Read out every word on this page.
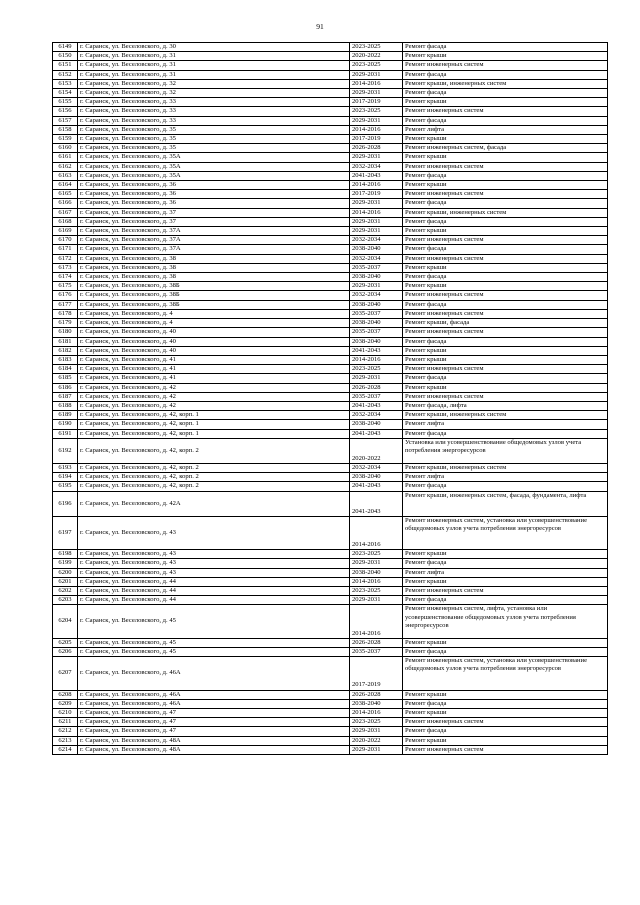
91
6149	г. Саранск, ул. Веселовского, д. 30	2023-2025	Ремонт фасада
6150	г. Саранск, ул. Веселовского, д. 31	2020-2022	Ремонт крыши
6151	г. Саранск, ул. Веселовского, д. 31	2023-2025	Ремонт инженерных систем
6152	г. Саранск, ул. Веселовского, д. 31	2029-2031	Ремонт фасада
6153	г. Саранск, ул. Веселовского, д. 32	2014-2016	Ремонт крыши, инженерных систем
6154	г. Саранск, ул. Веселовского, д. 32	2029-2031	Ремонт фасада
6155	г. Саранск, ул. Веселовского, д. 33	2017-2019	Ремонт крыши
6156	г. Саранск, ул. Веселовского, д. 33	2023-2025	Ремонт инженерных систем
6157	г. Саранск, ул. Веселовского, д. 33	2029-2031	Ремонт фасада
6158	г. Саранск, ул. Веселовского, д. 35	2014-2016	Ремонт лифта
6159	г. Саранск, ул. Веселовского, д. 35	2017-2019	Ремонт крыши
6160	г. Саранск, ул. Веселовского, д. 35	2026-2028	Ремонт инженерных систем, фасада
6161	г. Саранск, ул. Веселовского, д. 35А	2029-2031	Ремонт крыши
6162	г. Саранск, ул. Веселовского, д. 35А	2032-2034	Ремонт инженерных систем
6163	г. Саранск, ул. Веселовского, д. 35А	2041-2043	Ремонт фасада
6164	г. Саранск, ул. Веселовского, д. 36	2014-2016	Ремонт крыши
6165	г. Саранск, ул. Веселовского, д. 36	2017-2019	Ремонт инженерных систем
6166	г. Саранск, ул. Веселовского, д. 36	2029-2031	Ремонт фасада
6167	г. Саранск, ул. Веселовского, д. 37	2014-2016	Ремонт крыши, инженерных систем
6168	г. Саранск, ул. Веселовского, д. 37	2029-2031	Ремонт фасада
6169	г. Саранск, ул. Веселовского, д. 37А	2029-2031	Ремонт крыши
6170	г. Саранск, ул. Веселовского, д. 37А	2032-2034	Ремонт инженерных систем
6171	г. Саранск, ул. Веселовского, д. 37А	2038-2040	Ремонт фасада
6172	г. Саранск, ул. Веселовского, д. 38	2032-2034	Ремонт инженерных систем
6173	г. Саранск, ул. Веселовского, д. 38	2035-2037	Ремонт крыши
6174	г. Саранск, ул. Веселовского, д. 38	2038-2040	Ремонт фасада
6175	г. Саранск, ул. Веселовского, д. 38Б	2029-2031	Ремонт крыши
6176	г. Саранск, ул. Веселовского, д. 38Б	2032-2034	Ремонт инженерных систем
6177	г. Саранск, ул. Веселовского, д. 38Б	2038-2040	Ремонт фасада
6178	г. Саранск, ул. Веселовского, д. 4	2035-2037	Ремонт инженерных систем
6179	г. Саранск, ул. Веселовского, д. 4	2038-2040	Ремонт крыши, фасада
6180	г. Саранск, ул. Веселовского, д. 40	2035-2037	Ремонт инженерных систем
6181	г. Саранск, ул. Веселовского, д. 40	2038-2040	Ремонт фасада
6182	г. Саранск, ул. Веселовского, д. 40	2041-2043	Ремонт крыши
6183	г. Саранск, ул. Веселовского, д. 41	2014-2016	Ремонт крыши
6184	г. Саранск, ул. Веселовского, д. 41	2023-2025	Ремонт инженерных систем
6185	г. Саранск, ул. Веселовского, д. 41	2029-2031	Ремонт фасада
6186	г. Саранск, ул. Веселовского, д. 42	2026-2028	Ремонт крыши
6187	г. Саранск, ул. Веселовского, д. 42	2035-2037	Ремонт инженерных систем
6188	г. Саранск, ул. Веселовского, д. 42	2041-2043	Ремонт фасада, лифта
6189	г. Саранск, ул. Веселовского, д. 42, корп. 1	2032-2034	Ремонт крыши, инженерных систем
6190	г. Саранск, ул. Веселовского, д. 42, корп. 1	2038-2040	Ремонт лифта
6191	г. Саранск, ул. Веселовского, д. 42, корп. 1	2041-2043	Ремонт фасада
6192	г. Саранск, ул. Веселовского, д. 42, корп. 2	2020-2022	Установка или усовершенствование общедомовых узлов учета потребления энергоресурсов
6193	г. Саранск, ул. Веселовского, д. 42, корп. 2	2032-2034	Ремонт крыши, инженерных систем
6194	г. Саранск, ул. Веселовского, д. 42, корп. 2	2038-2040	Ремонт лифта
6195	г. Саранск, ул. Веселовского, д. 42, корп. 2	2041-2043	Ремонт фасада
6196	г. Саранск, ул. Веселовского, д. 42А	2041-2043	Ремонт крыши, инженерных систем, фасада, фундамента, лифта
6197	г. Саранск, ул. Веселовского, д. 43	2014-2016	Ремонт инженерных систем, установка или усовершенствование общедомовых узлов учета потребления энергоресурсов
6198	г. Саранск, ул. Веселовского, д. 43	2023-2025	Ремонт крыши
6199	г. Саранск, ул. Веселовского, д. 43	2029-2031	Ремонт фасада
6200	г. Саранск, ул. Веселовского, д. 43	2038-2040	Ремонт лифта
6201	г. Саранск, ул. Веселовского, д. 44	2014-2016	Ремонт крыши
6202	г. Саранск, ул. Веселовского, д. 44	2023-2025	Ремонт инженерных систем
6203	г. Саранск, ул. Веселовского, д. 44	2029-2031	Ремонт фасада
6204	г. Саранск, ул. Веселовского, д. 45	2014-2016	Ремонт инженерных систем, лифта, установка или усовершенствование общедомовых узлов учета потребления энергоресурсов
6205	г. Саранск, ул. Веселовского, д. 45	2026-2028	Ремонт крыши
6206	г. Саранск, ул. Веселовского, д. 45	2035-2037	Ремонт фасада
6207	г. Саранск, ул. Веселовского, д. 46А	2017-2019	Ремонт инженерных систем, установка или усовершенствование общедомовых узлов учета потребления энергоресурсов
6208	г. Саранск, ул. Веселовского, д. 46А	2026-2028	Ремонт крыши
6209	г. Саранск, ул. Веселовского, д. 46А	2038-2040	Ремонт фасада
6210	г. Саранск, ул. Веселовского, д. 47	2014-2016	Ремонт крыши
6211	г. Саранск, ул. Веселовского, д. 47	2023-2025	Ремонт инженерных систем
6212	г. Саранск, ул. Веселовского, д. 47	2029-2031	Ремонт фасада
6213	г. Саранск, ул. Веселовского, д. 48А	2020-2022	Ремонт крыши
6214	г. Саранск, ул. Веселовского, д. 48А	2029-2031	Ремонт инженерных систем
